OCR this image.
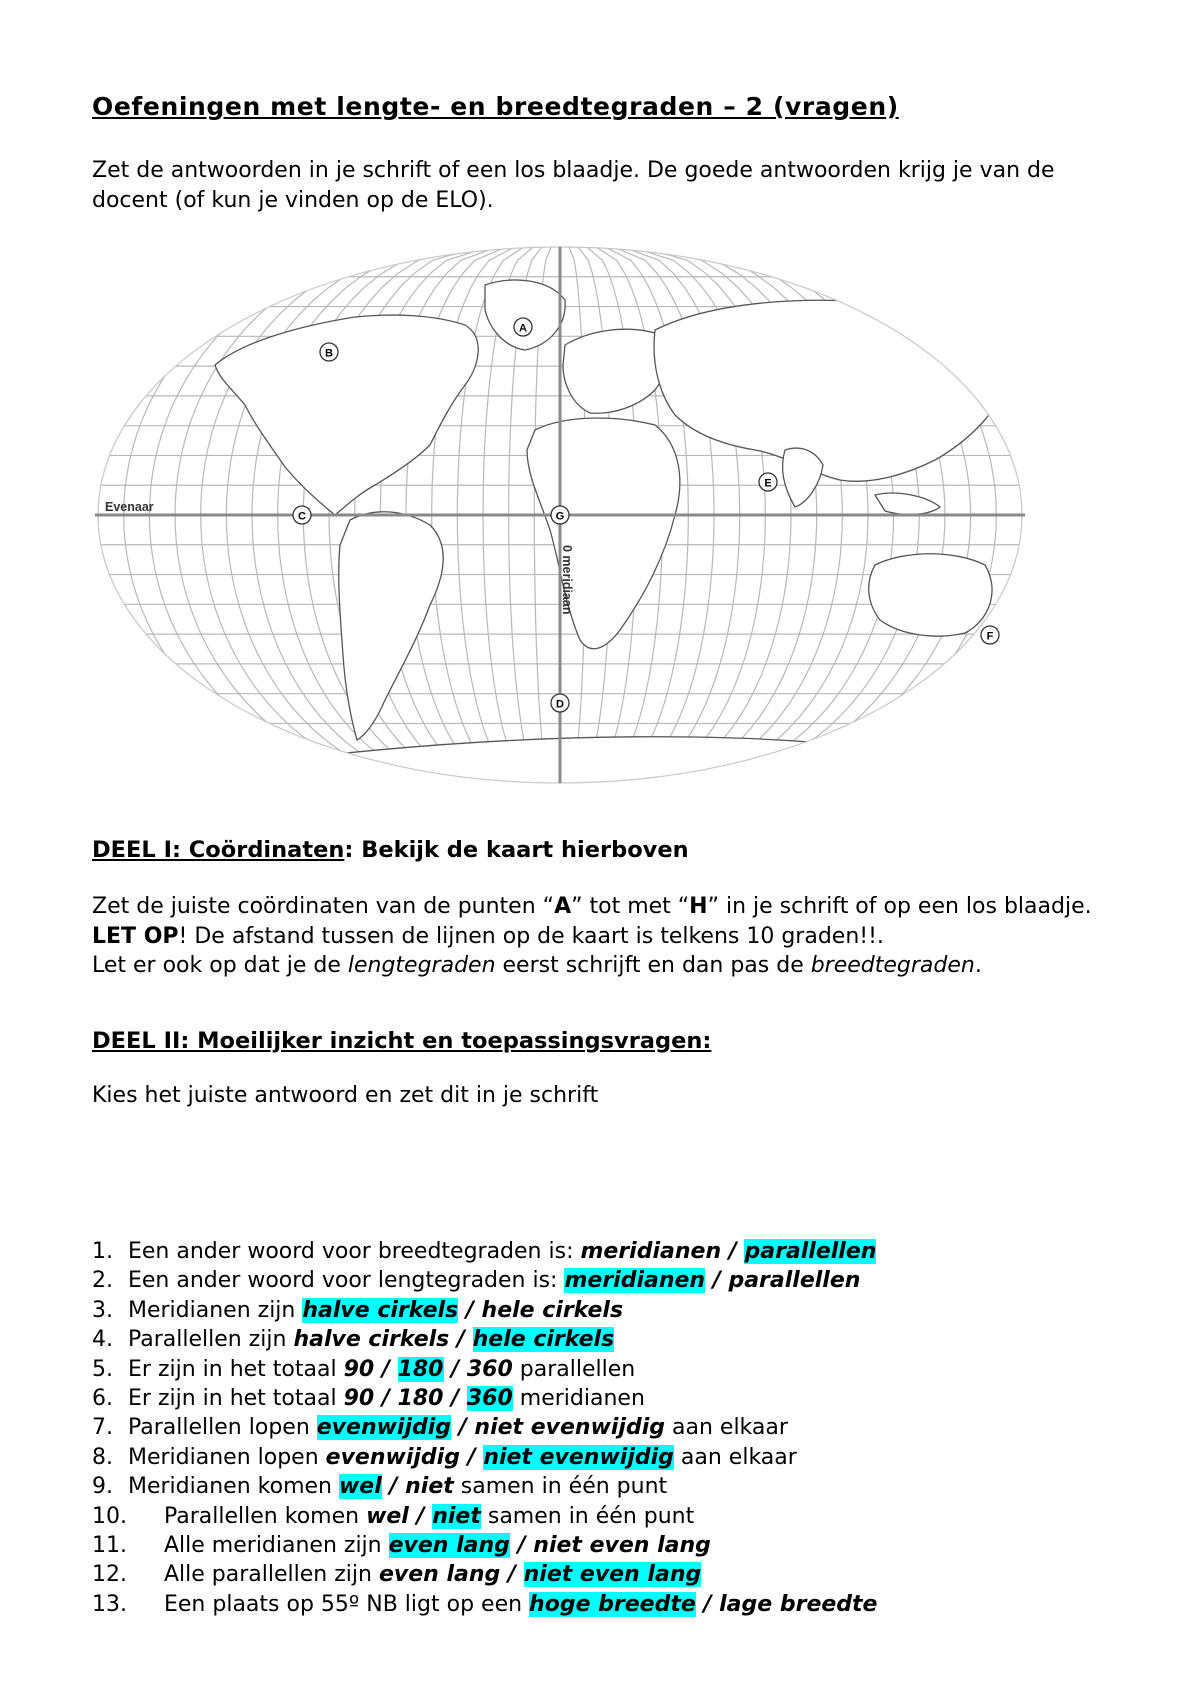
Oefeningen met lengte- en breedtegraden – 2 (vragen)

Zet de antwoorden in je schrift of een los blaadje. De goede antwoorden krijg je van de docent (of kun je vinden op de ELO).

Evenaar
0 meridiaan
A
B
C
D
E
F
G

DEEL I: Coördinaten: Bekijk de kaart hierboven

Zet de juiste coördinaten van de punten “A” tot met “H” in je schrift of op een los blaadje.
LET OP! De afstand tussen de lijnen op de kaart is telkens 10 graden!!.
Let er ook op dat je de lengtegraden eerst schrijft en dan pas de breedtegraden.

DEEL II: Moeilijker inzicht en toepassingsvragen:

Kies het juiste antwoord en zet dit in je schrift

1. Een ander woord voor breedtegraden is: meridianen / parallellen
2. Een ander woord voor lengtegraden is: meridianen / parallellen
3. Meridianen zijn halve cirkels / hele cirkels
4. Parallellen zijn halve cirkels / hele cirkels
5. Er zijn in het totaal 90 / 180 / 360 parallellen
6. Er zijn in het totaal 90 / 180 / 360 meridianen
7. Parallellen lopen evenwijdig / niet evenwijdig aan elkaar
8. Meridianen lopen evenwijdig / niet evenwijdig aan elkaar
9. Meridianen komen wel / niet samen in één punt
10. Parallellen komen wel / niet samen in één punt
11. Alle meridianen zijn even lang / niet even lang
12. Alle parallellen zijn even lang / niet even lang
13. Een plaats op 55º NB ligt op een hoge breedte / lage breedte
